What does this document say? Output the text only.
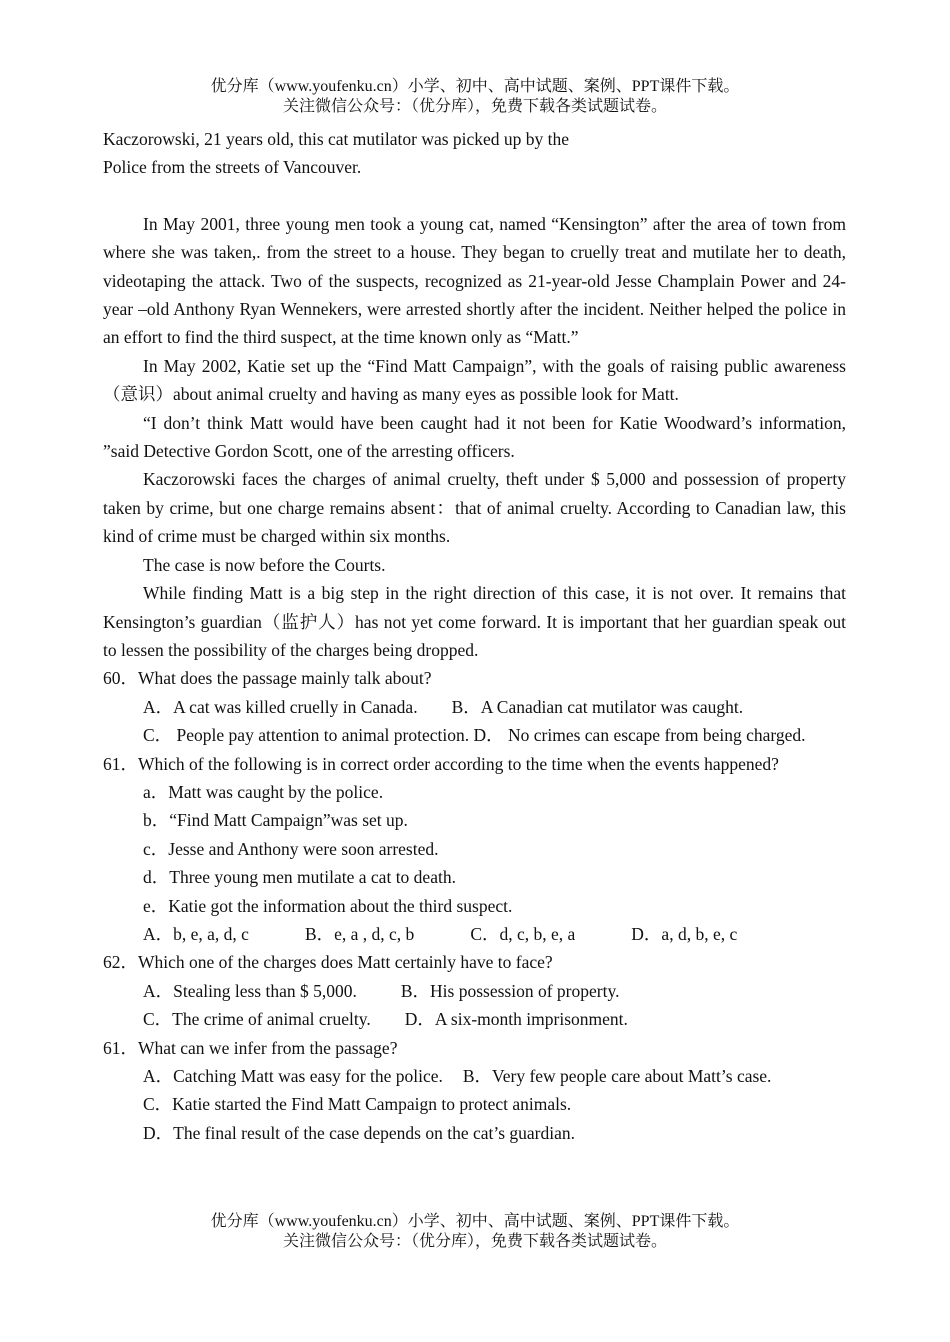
优分库（www.youfenku.cn）小学、初中、高中试题、案例、PPT课件下载。
关注微信公众号：（优分库），免费下载各类试题试卷。
Kaczorowski, 21 years old, this cat mutilator was picked up by the
Police from the streets of Vancouver.
In May 2001, three young men took a young cat, named “Kensington” after the area of town from where she was taken,. from the street to a house. They began to cruelly treat and mutilate her to death, videotaping the attack. Two of the suspects, recognized as 21-year-old Jesse Champlain Power and 24-year –old Anthony Ryan Wennekers, were arrested shortly after the incident. Neither helped the police in an effort to find the third suspect, at the time known only as “Matt.”
In May 2002, Katie set up the “Find Matt Campaign”, with the goals of raising public awareness（意识）about animal cruelty and having as many eyes as possible look for Matt.
“I don’t think Matt would have been caught had it not been for Katie Woodward’s information, ”said Detective Gordon Scott, one of the arresting officers.
Kaczorowski faces the charges of animal cruelty, theft under $ 5,000 and possession of property taken by crime, but one charge remains absent：that of animal cruelty. According to Canadian law, this kind of crime must be charged within six months.
The case is now before the Courts.
While finding Matt is a big step in the right direction of this case, it is not over. It remains that Kensington’s guardian（监护人）has not yet come forward. It is important that her guardian speak out to lessen the possibility of the charges being dropped.
60．What does the passage mainly talk about?
A．A cat was killed cruelly in Canada. B．A Canadian cat mutilator was caught.
C． People pay attention to animal protection. D． No crimes can escape from being charged.
61．Which of the following is in correct order according to the time when the events happened?
a．Matt was caught by the police.
b．“Find Matt Campaign”was set up.
c．Jesse and Anthony were soon arrested.
d．Three young men mutilate a cat to death.
e．Katie got the information about the third suspect.
A．b, e, a, d, c	B．e, a , d, c, b	C．d, c, b, e, a	D．a, d, b, e, c
62．Which one of the charges does Matt certainly have to face?
A．Stealing less than $ 5,000.	B．His possession of property.
C．The crime of animal cruelty. D．A six-month imprisonment.
61．What can we infer from the passage?
A．Catching Matt was easy for the police. B．Very few people care about Matt’s case.
C．Katie started the Find Matt Campaign to protect animals.
D．The final result of the case depends on the cat’s guardian.
优分库（www.youfenku.cn）小学、初中、高中试题、案例、PPT课件下载。
关注微信公众号：（优分库），免费下载各类试题试卷。
